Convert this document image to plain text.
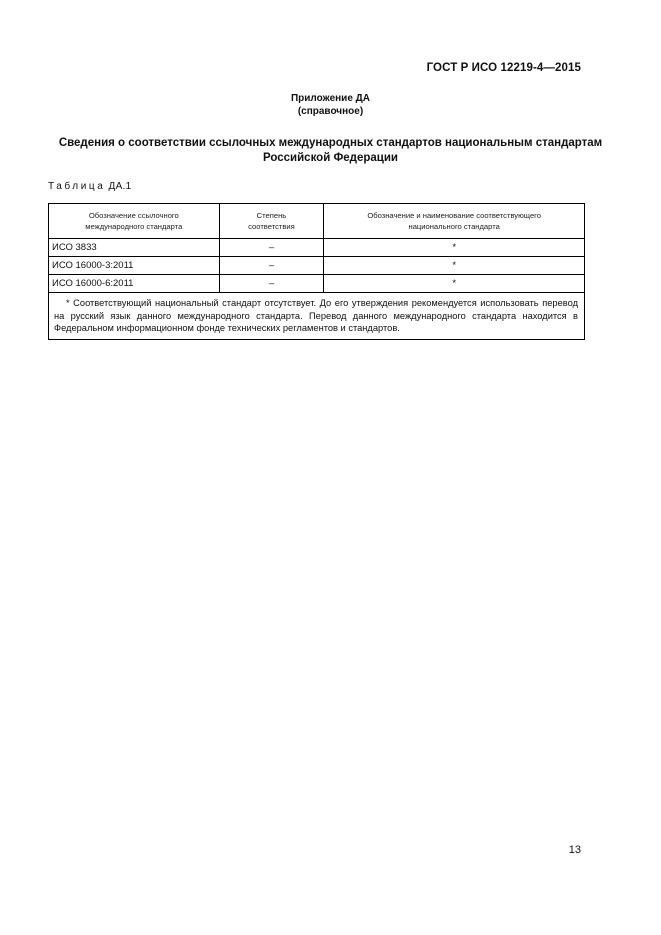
ГОСТ Р ИСО 12219-4—2015
Приложение ДА
(справочное)
Сведения о соответствии ссылочных международных стандартов национальным стандартам Российской Федерации
Таблица ДА.1
Обозначение ссылочного международного стандарта	Степень соответствия	Обозначение и наименование соответствующего национального стандарта

ИСО 3833	–	*
ИСО 16000-3:2011	–	*
ИСО 16000-6:2011	–	*
* Соответствующий национальный стандарт отсутствует. До его утверждения рекомендуется использовать перевод на русский язык данного международного стандарта. Перевод данного международного стандарта находится в Федеральном информационном фонде технических регламентов и стандартов.		
13
